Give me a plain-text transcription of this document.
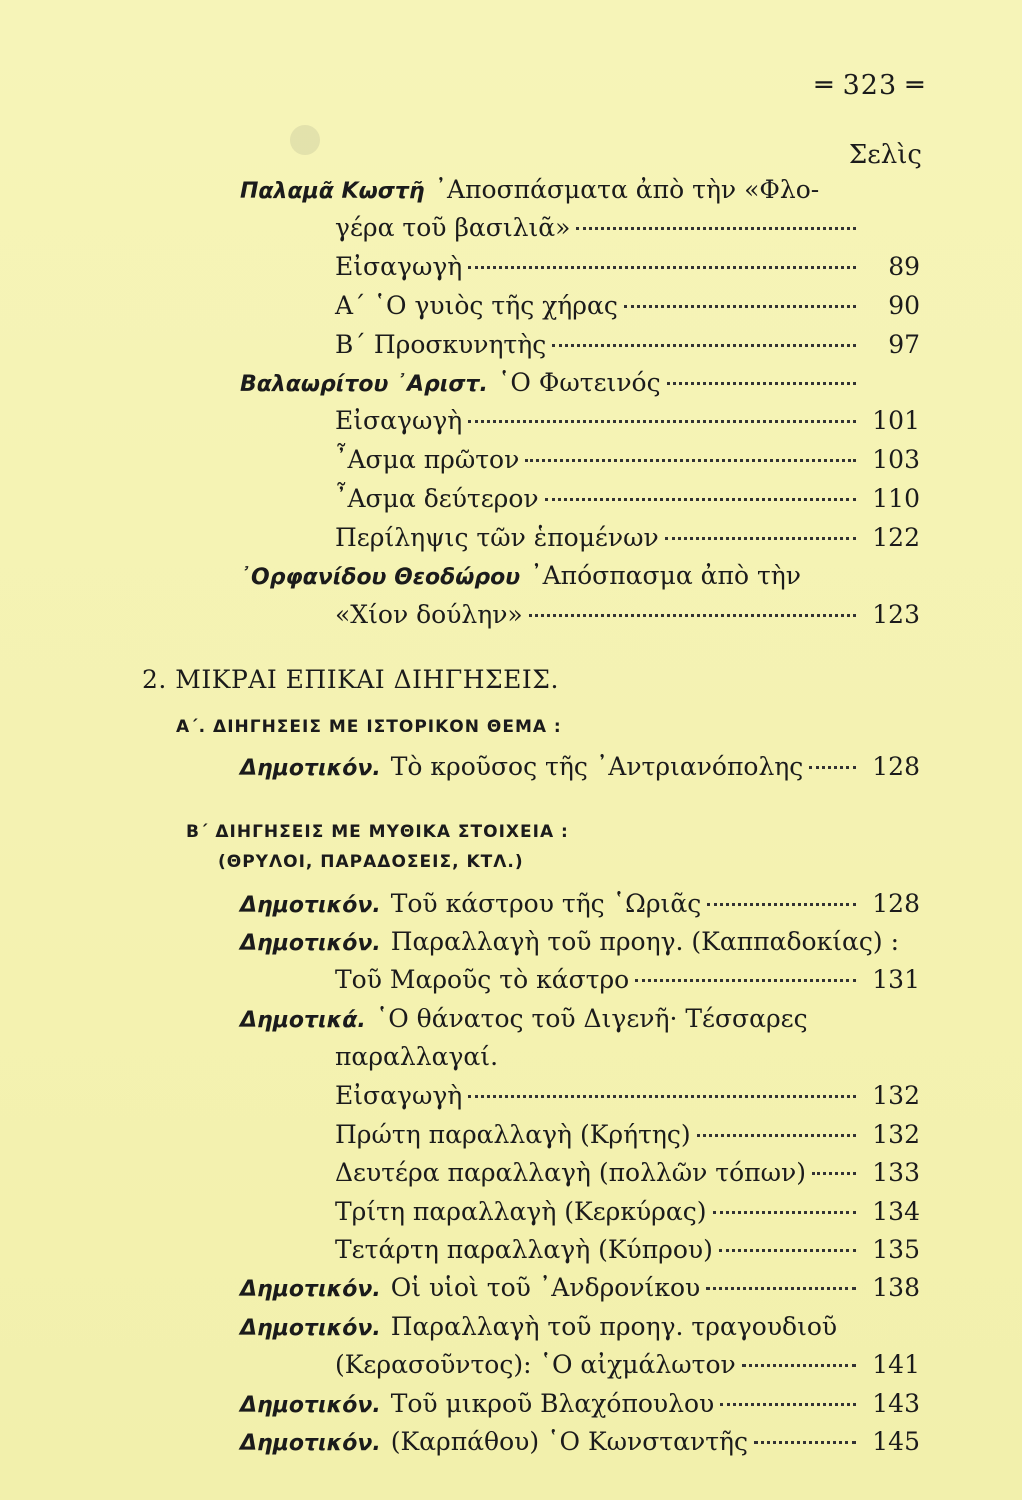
═ 323 ═
Σελὶς
Παλαμᾶ Κωστῆ ᾿Αποσπάσματα ἀπὸ τὴν «Φλο-
γέρα τοῦ βασιλιᾶ»
Εἰσαγωγὴ	89
Α΄ ῾Ο γυιὸς τῆς χήρας	90
Β΄ Προσκυνητὴς	97
Βαλαωρίτου ᾿Αριστ. ῾Ο Φωτεινός
Εἰσαγωγὴ	101
῏Ασμα πρῶτον	103
῏Ασμα δεύτερον	110
Περίληψις τῶν ἑπομένων	122
᾿Ορφανίδου Θεοδώρου ᾿Απόσπασμα ἀπὸ τὴν
«Χίον δούλην»	123
2. ΜΙΚΡΑΙ ΕΠΙΚΑΙ ΔΙΗΓΗΣΕΙΣ.
Α΄. ΔΙΗΓΗΣΕΙΣ ΜΕ ΙΣΤΟΡΙΚΟΝ ΘΕΜΑ :
Δημοτικόν. Τὸ κροῦσος τῆς ᾿Αντριανόπολης	128
Β΄ ΔΙΗΓΗΣΕΙΣ ΜΕ ΜΥΘΙΚΑ ΣΤΟΙΧΕΙΑ :
(ΘΡΥΛΟΙ, ΠΑΡΑΔΟΣΕΙΣ, ΚΤΛ.)
Δημοτικόν. Τοῦ κάστρου τῆς ῾Ωριᾶς	128
Δημοτικόν. Παραλλαγὴ τοῦ προηγ. (Καππαδοκίας) :
Τοῦ Μαροῦς τὸ κάστρο	131
Δημοτικά. ῾Ο θάνατος τοῦ Διγενῆ· Τέσσαρες
παραλλαγαί.
Εἰσαγωγὴ	132
Πρώτη παραλλαγὴ (Κρήτης)	132
Δευτέρα παραλλαγὴ (πολλῶν τόπων)	133
Τρίτη παραλλαγὴ (Κερκύρας)	134
Τετάρτη παραλλαγὴ (Κύπρου)	135
Δημοτικόν. Οἱ υἱοὶ τοῦ ᾿Ανδρονίκου	138
Δημοτικόν. Παραλλαγὴ τοῦ προηγ. τραγουδιοῦ
(Κερασοῦντος): ῾Ο αἰχμάλωτον	141
Δημοτικόν. Τοῦ μικροῦ Βλαχόπουλου	143
Δημοτικόν. (Καρπάθου) ῾Ο Κωνσταντῆς	145
